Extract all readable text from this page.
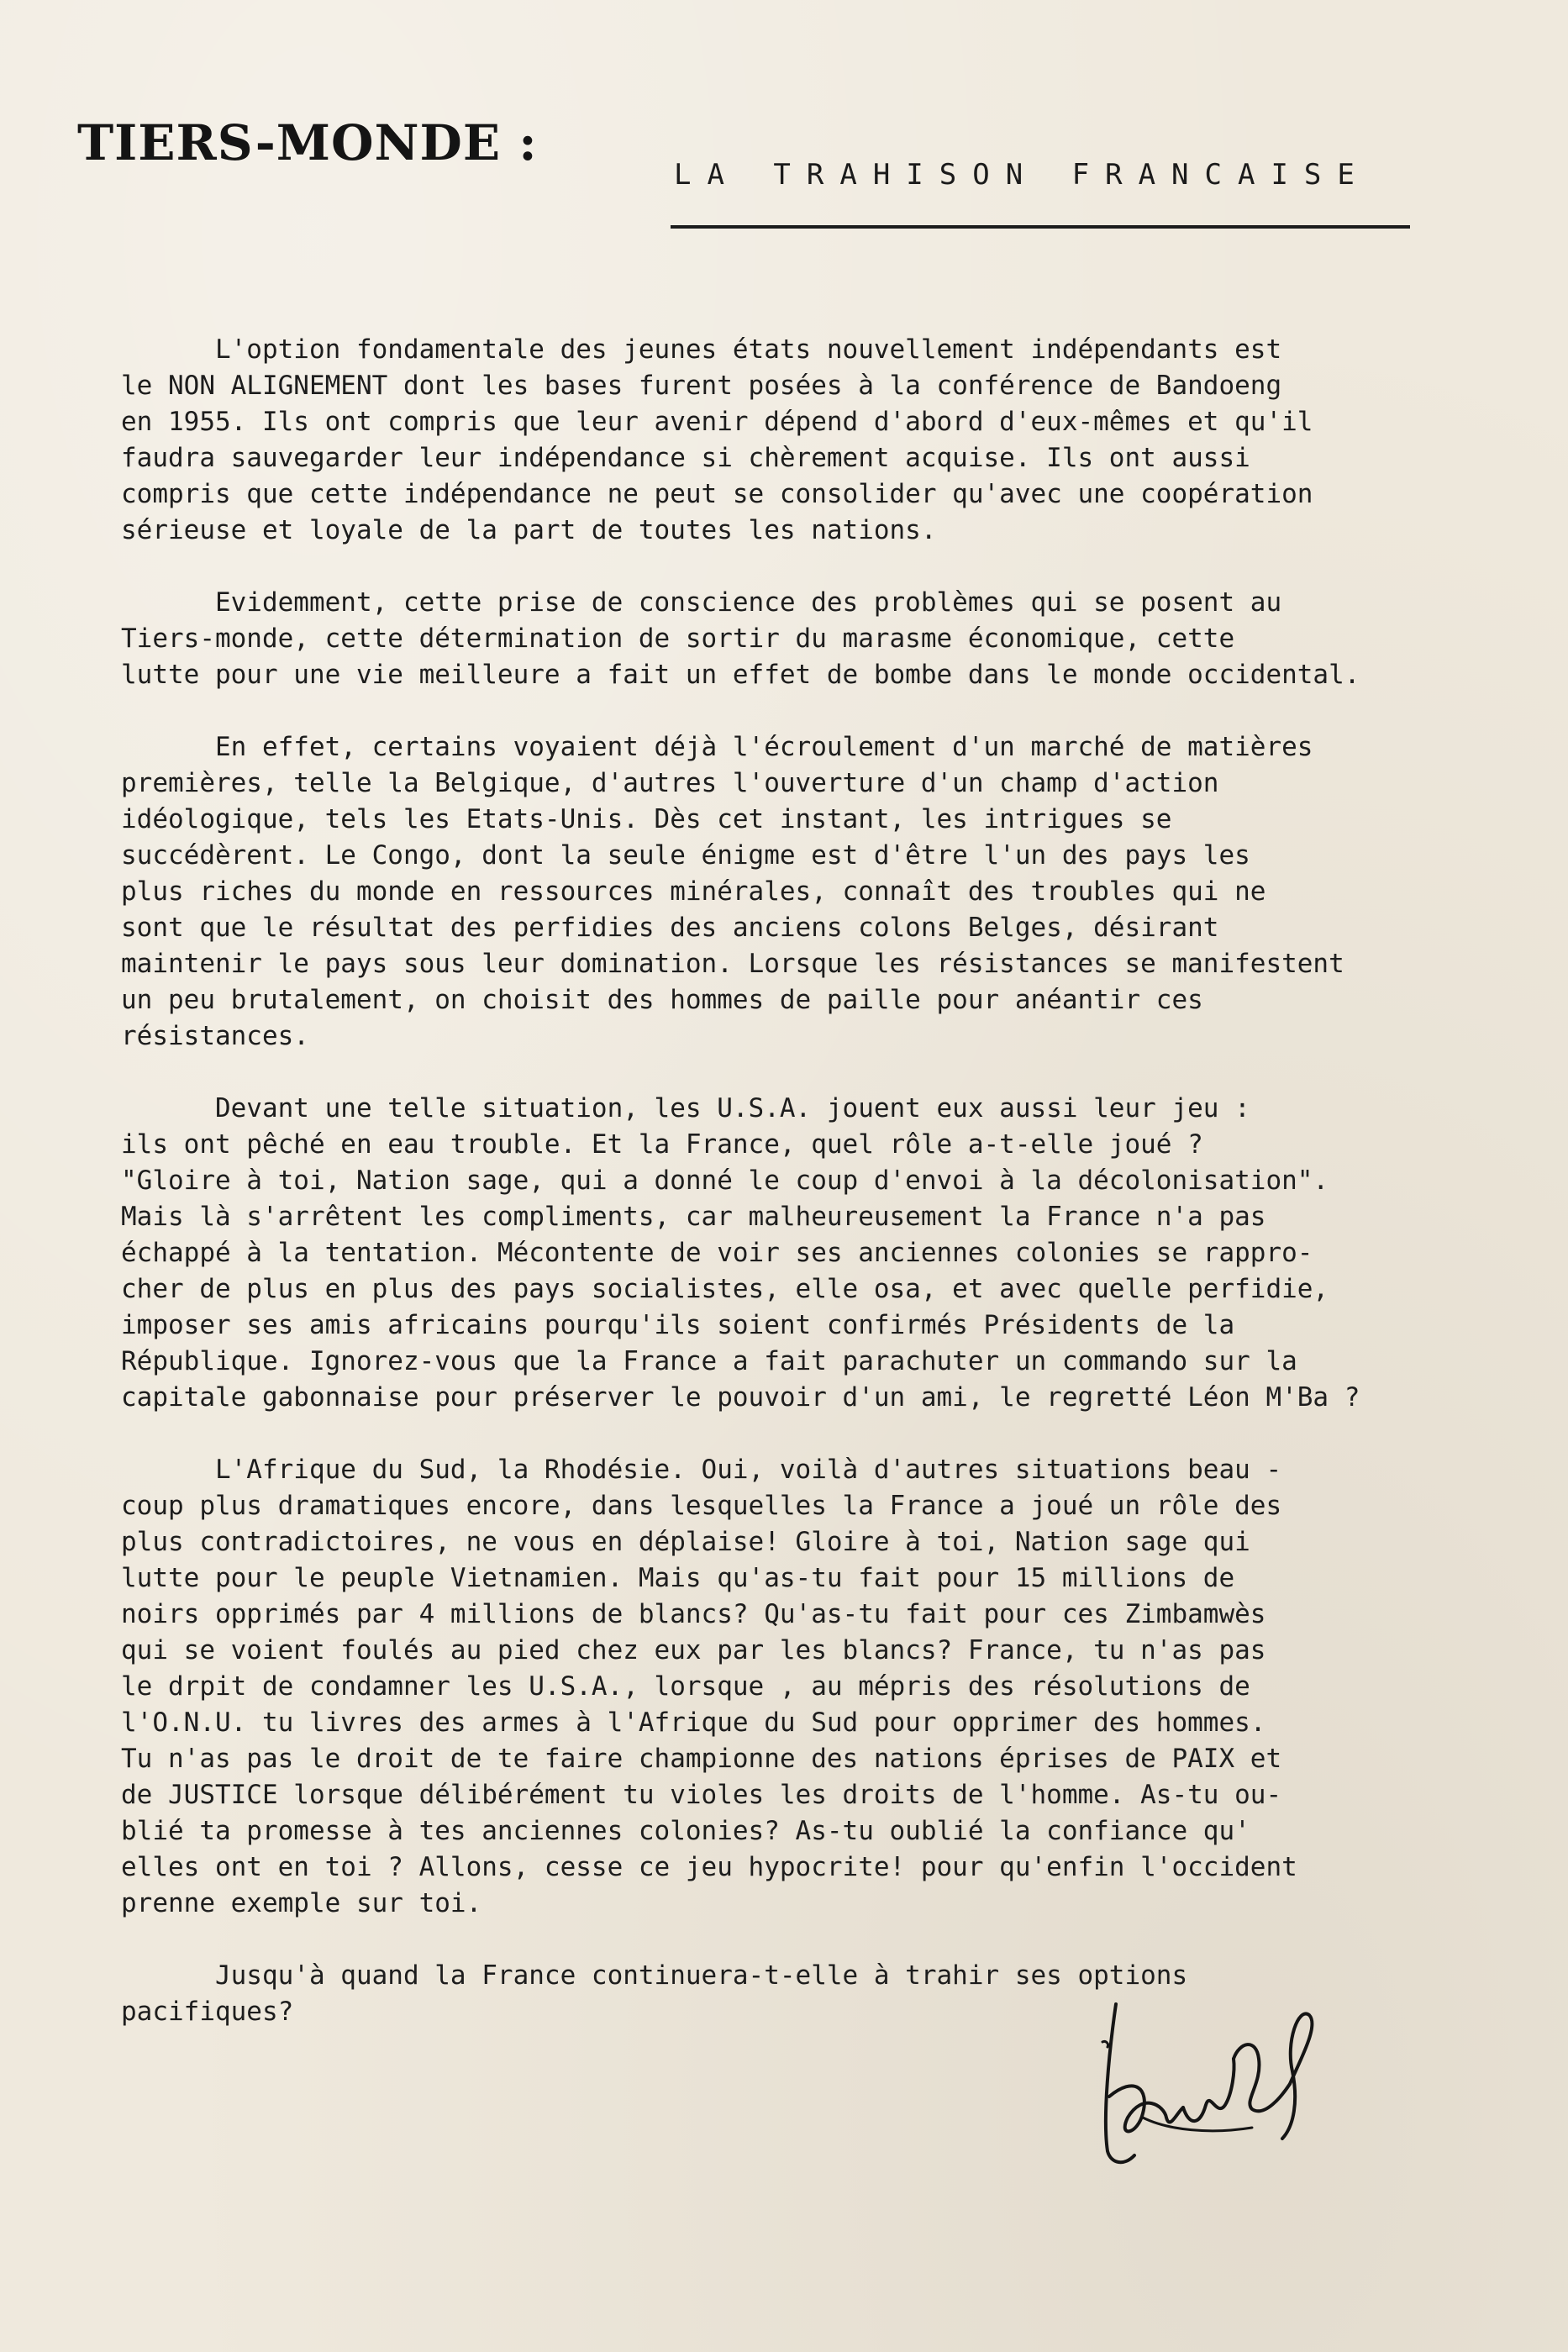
TIERS-MONDE :
LA TRAHISON FRANCAISE
L'option fondamentale des jeunes états nouvellement indépendants est
le NON ALIGNEMENT dont les bases furent posées à la conférence de Bandoeng
en 1955. Ils ont compris que leur avenir dépend d'abord d'eux-mêmes et qu'il
faudra sauvegarder leur indépendance si chèrement acquise. Ils ont aussi
compris que cette indépendance ne peut se consolider qu'avec une coopération
sérieuse et loyale de la part de toutes les nations.
Evidemment, cette prise de conscience des problèmes qui se posent au
Tiers-monde, cette détermination de sortir du marasme économique, cette
lutte pour une vie meilleure a fait un effet de bombe dans le monde occidental.
En effet, certains voyaient déjà l'écroulement d'un marché de matières
premières, telle la Belgique, d'autres l'ouverture d'un champ d'action
idéologique, tels les Etats-Unis. Dès cet instant, les intrigues se
succédèrent. Le Congo, dont la seule énigme est d'être l'un des pays les
plus riches du monde en ressources minérales, connaît des troubles qui ne
sont que le résultat des perfidies des anciens colons Belges, désirant
maintenir le pays sous leur domination. Lorsque les résistances se manifestent
un peu brutalement, on choisit des hommes de paille pour anéantir ces
résistances.
Devant une telle situation, les U.S.A. jouent eux aussi leur jeu :
ils ont pêché en eau trouble. Et la France, quel rôle a-t-elle joué ?
"Gloire à toi, Nation sage, qui a donné le coup d'envoi à la décolonisation".
Mais là s'arrêtent les compliments, car malheureusement la France n'a pas
échappé à la tentation. Mécontente de voir ses anciennes colonies se rappro-
cher de plus en plus des pays socialistes, elle osa, et avec quelle perfidie,
imposer ses amis africains pourqu'ils soient confirmés Présidents de la
République. Ignorez-vous que la France a fait parachuter un commando sur la
capitale gabonnaise pour préserver le pouvoir d'un ami, le regretté Léon M'Ba ?
L'Afrique du Sud, la Rhodésie. Oui, voilà d'autres situations beau -
coup plus dramatiques encore, dans lesquelles la France a joué un rôle des
plus contradictoires, ne vous en déplaise! Gloire à toi, Nation sage qui
lutte pour le peuple Vietnamien. Mais qu'as-tu fait pour 15 millions de
noirs opprimés par 4 millions de blancs? Qu'as-tu fait pour ces Zimbamwès
qui se voient foulés au pied chez eux par les blancs? France, tu n'as pas
le drpit de condamner les U.S.A., lorsque , au mépris des résolutions de
l'O.N.U. tu livres des armes à l'Afrique du Sud pour opprimer des hommes.
Tu n'as pas le droit de te faire championne des nations éprises de PAIX et
de JUSTICE lorsque délibérément tu violes les droits de l'homme. As-tu ou-
blié ta promesse à tes anciennes colonies? As-tu oublié la confiance qu'
elles ont en toi ? Allons, cesse ce jeu hypocrite! pour qu'enfin l'occident
prenne exemple sur toi.
Jusqu'à quand la France continuera-t-elle à trahir ses options
pacifiques?
